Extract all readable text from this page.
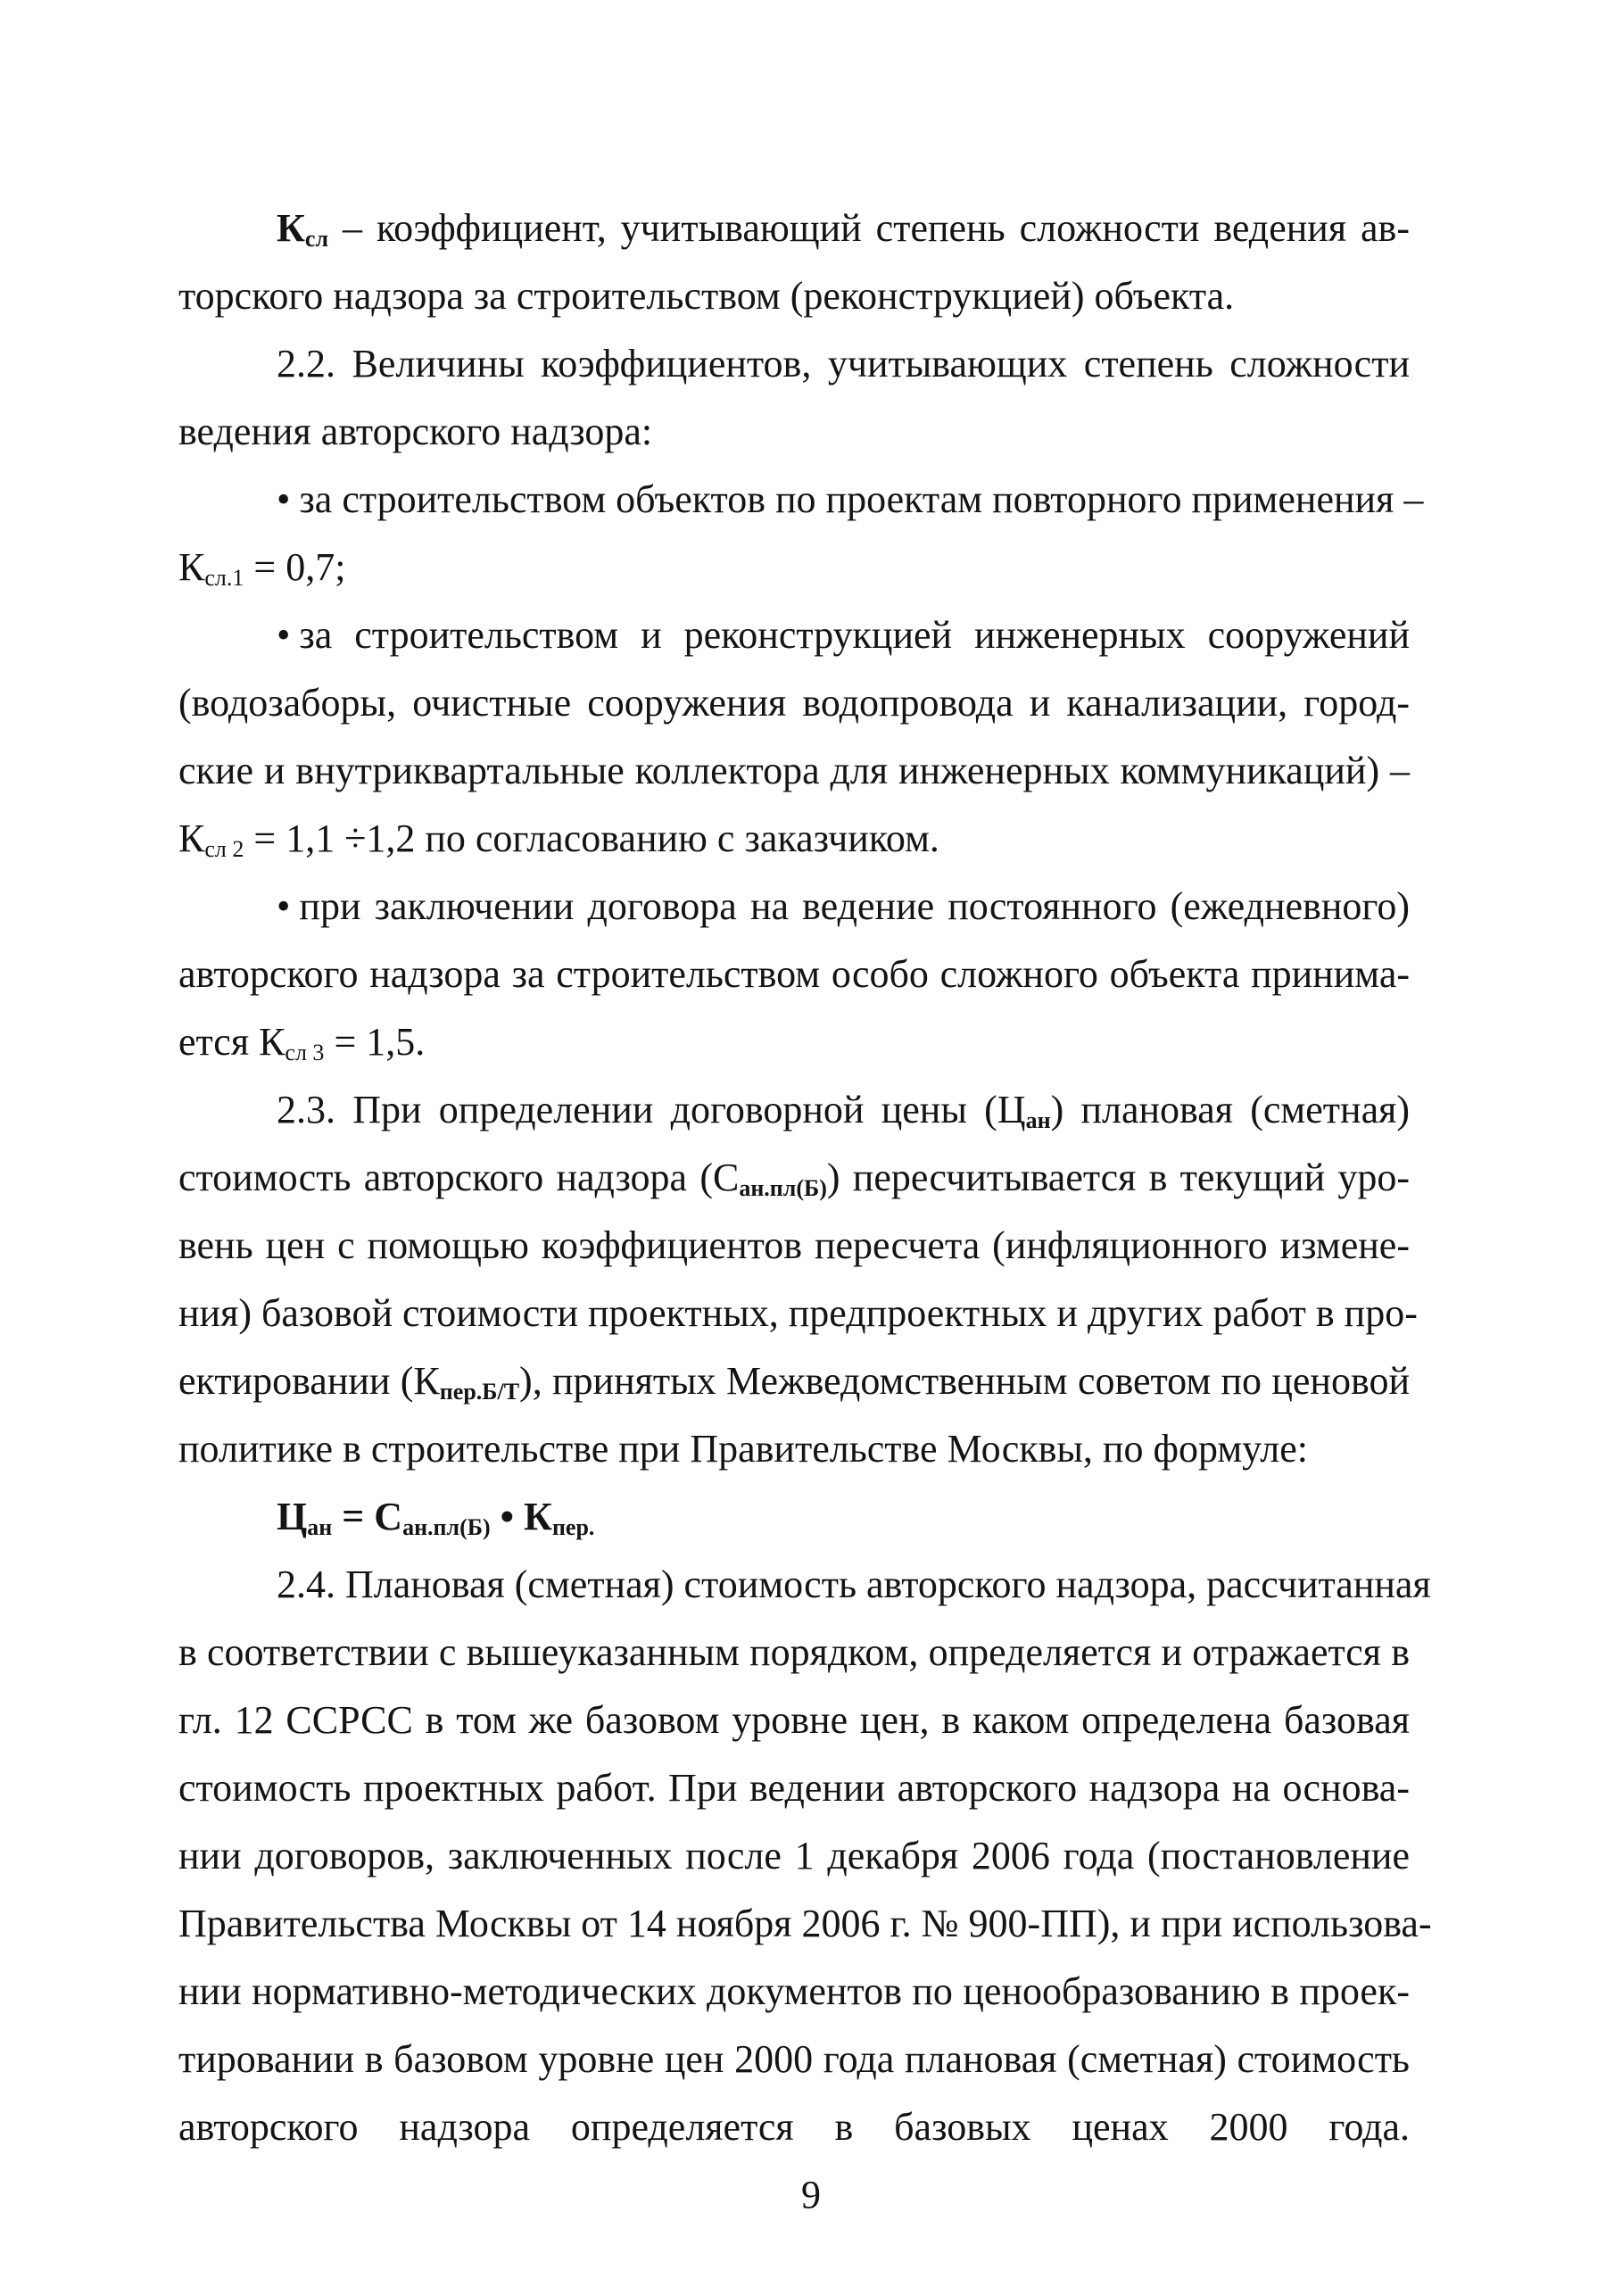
$К_{сл}$ – коэффициент, учитывающий степень сложности ведения ав-
торского надзора за строительством (реконструкцией) объекта.
2.2. Величины коэффициентов, учитывающих степень сложности
ведения авторского надзора:
• за строительством объектов по проектам повторного применения –
$К_{сл.1} = 0,7$;
• за строительством и реконструкцией инженерных сооружений
(водозаборы, очистные сооружения водопровода и канализации, город-
ские и внутриквартальные коллектора для инженерных коммуникаций) –
$К_{сл 2} = 1,1 \div 1,2$ по согласованию с заказчиком.
• при заключении договора на ведение постоянного (ежедневного)
авторского надзора за строительством особо сложного объекта принима-
ется $К_{сл 3} = 1,5$.
2.3. При определении договорной цены $(Ц_{ан})$ плановая (сметная)
стоимость авторского надзора $(С_{ан.пл(Б)})$ пересчитывается в текущий уро-
вень цен с помощью коэффициентов пересчета (инфляционного измене-
ния) базовой стоимости проектных, предпроектных и других работ в про-
ектировании $(К_{пер.Б/Т})$, принятых Межведомственным советом по ценовой
политике в строительстве при Правительстве Москвы, по формуле:
$Ц_{ан} = С_{ан.пл(Б)}$ • $К_{пер.}$
2.4. Плановая (сметная) стоимость авторского надзора, рассчитанная
в соответствии с вышеуказанным порядком, определяется и отражается в
гл. 12 ССРСС в том же базовом уровне цен, в каком определена базовая
стоимость проектных работ. При ведении авторского надзора на основа-
нии договоров, заключенных после 1 декабря 2006 года (постановление
Правительства Москвы от 14 ноября 2006 г. № 900-ПП), и при использова-
нии нормативно-методических документов по ценообразованию в проек-
тировании в базовом уровне цен 2000 года плановая (сметная) стоимость
авторского надзора определяется в базовых ценах 2000 года.
9
